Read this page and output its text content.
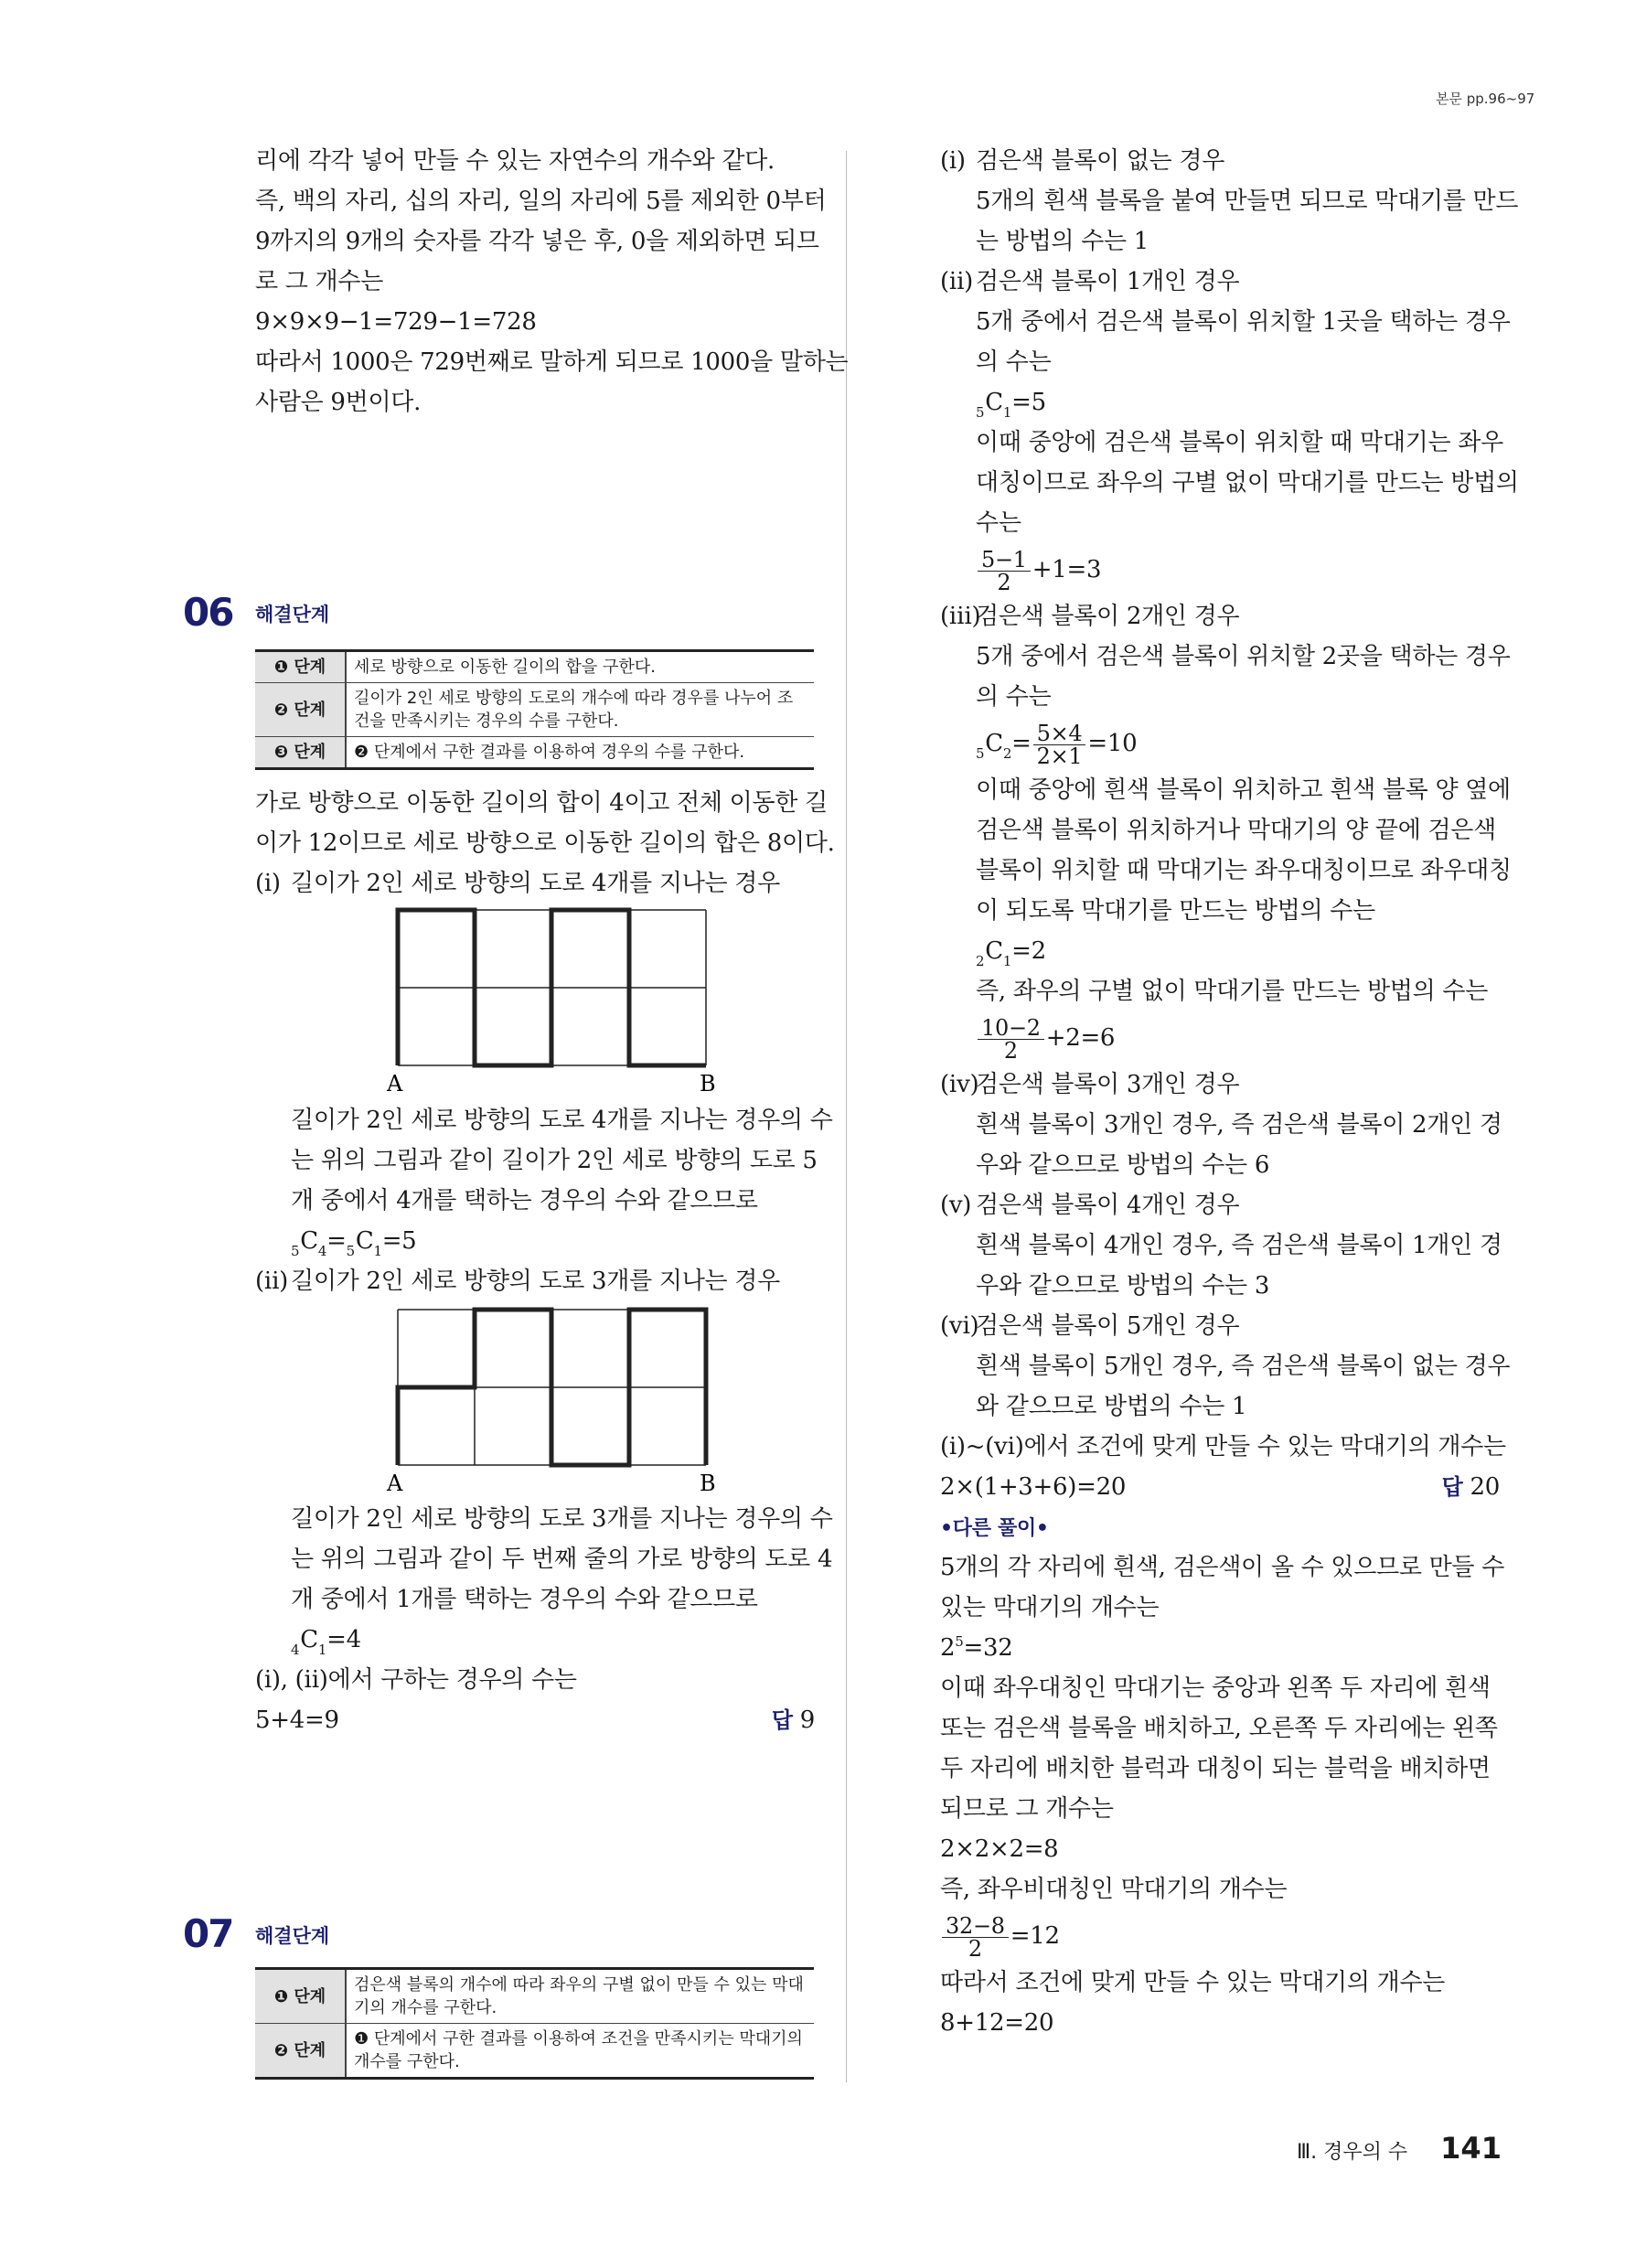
본문 pp.96~97
리에 각각 넣어 만들 수 있는 자연수의 개수와 같다.
즉, 백의 자리, 십의 자리, 일의 자리에 5를 제외한 0부터
9까지의 9개의 숫자를 각각 넣은 후, 0을 제외하면 되므
로 그 개수는
9×9×9−1=729−1=728
따라서 1000은 729번째로 말하게 되므로 1000을 말하는
사람은 9번이다.
06 해결단계
❶ 단계	세로 방향으로 이동한 길이의 합을 구한다.
❷ 단계	길이가 2인 세로 방향의 도로의 개수에 따라 경우를 나누어 조건을 만족시키는 경우의 수를 구한다.
❸ 단계	❷ 단계에서 구한 결과를 이용하여 경우의 수를 구한다.
가로 방향으로 이동한 길이의 합이 4이고 전체 이동한 길
이가 12이므로 세로 방향으로 이동한 길이의 합은 8이다.
(ⅰ) 길이가 2인 세로 방향의 도로 4개를 지나는 경우
A	B
길이가 2인 세로 방향의 도로 4개를 지나는 경우의 수
는 위의 그림과 같이 길이가 2인 세로 방향의 도로 5
개 중에서 4개를 택하는 경우의 수와 같으므로
$_5C_4=_5C_1=5$
(ⅱ) 길이가 2인 세로 방향의 도로 3개를 지나는 경우
A	B
길이가 2인 세로 방향의 도로 3개를 지나는 경우의 수
는 위의 그림과 같이 두 번째 줄의 가로 방향의 도로 4
개 중에서 1개를 택하는 경우의 수와 같으므로
$_4C_1=4$
(ⅰ), (ⅱ)에서 구하는 경우의 수는
5+4=9	답 9
07 해결단계
❶ 단계	검은색 블록의 개수에 따라 좌우의 구별 없이 만들 수 있는 막대기의 개수를 구한다.
❷ 단계	❶ 단계에서 구한 결과를 이용하여 조건을 만족시키는 막대기의 개수를 구한다.
(ⅰ) 검은색 블록이 없는 경우
5개의 흰색 블록을 붙여 만들면 되므로 막대기를 만드
는 방법의 수는 1
(ⅱ) 검은색 블록이 1개인 경우
5개 중에서 검은색 블록이 위치할 1곳을 택하는 경우
의 수는
$_5C_1=5$
이때 중앙에 검은색 블록이 위치할 때 막대기는 좌우
대칭이므로 좌우의 구별 없이 막대기를 만드는 방법의
수는
$\frac{5-1}{2} +1=3$
(ⅲ)검은색 블록이 2개인 경우
5개 중에서 검은색 블록이 위치할 2곳을 택하는 경우
의 수는
$_5C_2= \frac{5\times 4}{2\times 1} =10$
이때 중앙에 흰색 블록이 위치하고 흰색 블록 양 옆에
검은색 블록이 위치하거나 막대기의 양 끝에 검은색
블록이 위치할 때 막대기는 좌우대칭이므로 좌우대칭
이 되도록 막대기를 만드는 방법의 수는
$_2C_1=2$
즉, 좌우의 구별 없이 막대기를 만드는 방법의 수는
$\frac{10-2}{2} +2=6$
(ⅳ)검은색 블록이 3개인 경우
흰색 블록이 3개인 경우, 즉 검은색 블록이 2개인 경
우와 같으므로 방법의 수는 6
(ⅴ) 검은색 블록이 4개인 경우
흰색 블록이 4개인 경우, 즉 검은색 블록이 1개인 경
우와 같으므로 방법의 수는 3
(ⅵ)검은색 블록이 5개인 경우
흰색 블록이 5개인 경우, 즉 검은색 블록이 없는 경우
와 같으므로 방법의 수는 1
(ⅰ)~(ⅵ)에서 조건에 맞게 만들 수 있는 막대기의 개수는
2×(1+3+6)=20	답 20
•다른 풀이•
5개의 각 자리에 흰색, 검은색이 올 수 있으므로 만들 수
있는 막대기의 개수는
$2^5=32$
이때 좌우대칭인 막대기는 중앙과 왼쪽 두 자리에 흰색
또는 검은색 블록을 배치하고, 오른쪽 두 자리에는 왼쪽
두 자리에 배치한 블럭과 대칭이 되는 블럭을 배치하면
되므로 그 개수는
2×2×2=8
즉, 좌우비대칭인 막대기의 개수는
$\frac{32-8}{2} =12$
따라서 조건에 맞게 만들 수 있는 막대기의 개수는
8+12=20
Ⅲ. 경우의 수 141
